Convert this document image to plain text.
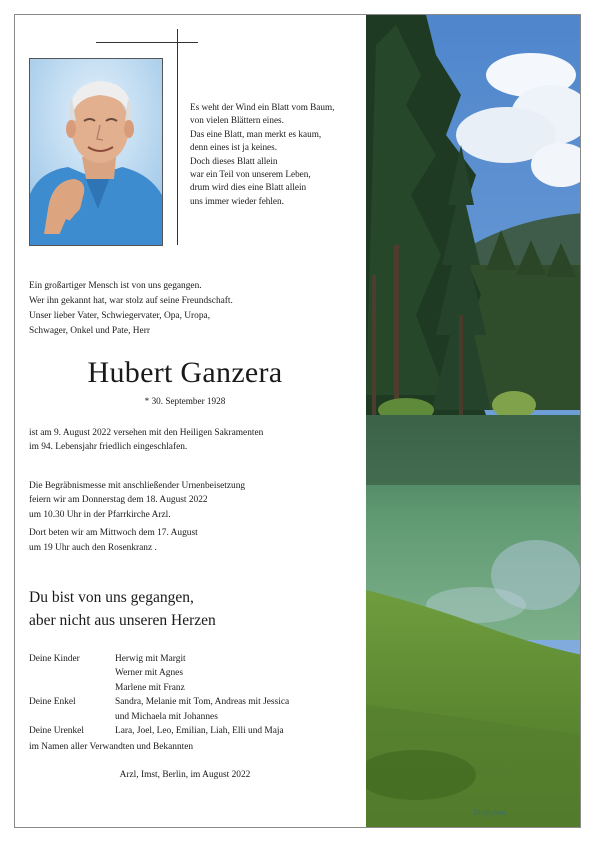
Es weht der Wind ein Blatt vom Baum,
von vielen Blättern eines.
Das eine Blatt, man merkt es kaum,
denn eines ist ja keines.
Doch dieses Blatt allein
war ein Teil von unserem Leben,
drum wird dies eine Blatt allein
uns immer wieder fehlen.
Ein großartiger Mensch ist von uns gegangen.
Wer ihn gekannt hat, war stolz auf seine Freundschaft.
Unser lieber Vater, Schwiegervater, Opa, Uropa,
Schwager, Onkel und Pate, Herr
Hubert Ganzera
* 30. September 1928
ist am 9. August 2022 versehen mit den Heiligen Sakramenten
im 94. Lebensjahr friedlich eingeschlafen.
Die Begräbnismesse mit anschließender Urnenbeisetzung
feiern wir am Donnerstag dem 18. August 2022
um 10.30 Uhr in der Pfarrkirche Arzl.
Dort beten wir am Mittwoch dem 17. August
um 19 Uhr auch den Rosenkranz .
Du bist von uns gegangen,
aber nicht aus unseren Herzen
Deine Kinder	Herwig mit Margit
Werner mit Agnes
Marlene mit Franz
Deine Enkel	Sandra, Melanie mit Tom, Andreas mit Jessica
und Michaela mit Johannes
Deine Urenkel	Lara, Joel, Leo, Emilian, Liah, Elli und Maja
im Namen aller Verwandten und Bekannten
Arzl, Imst, Berlin, im August 2022
Dorfleben
